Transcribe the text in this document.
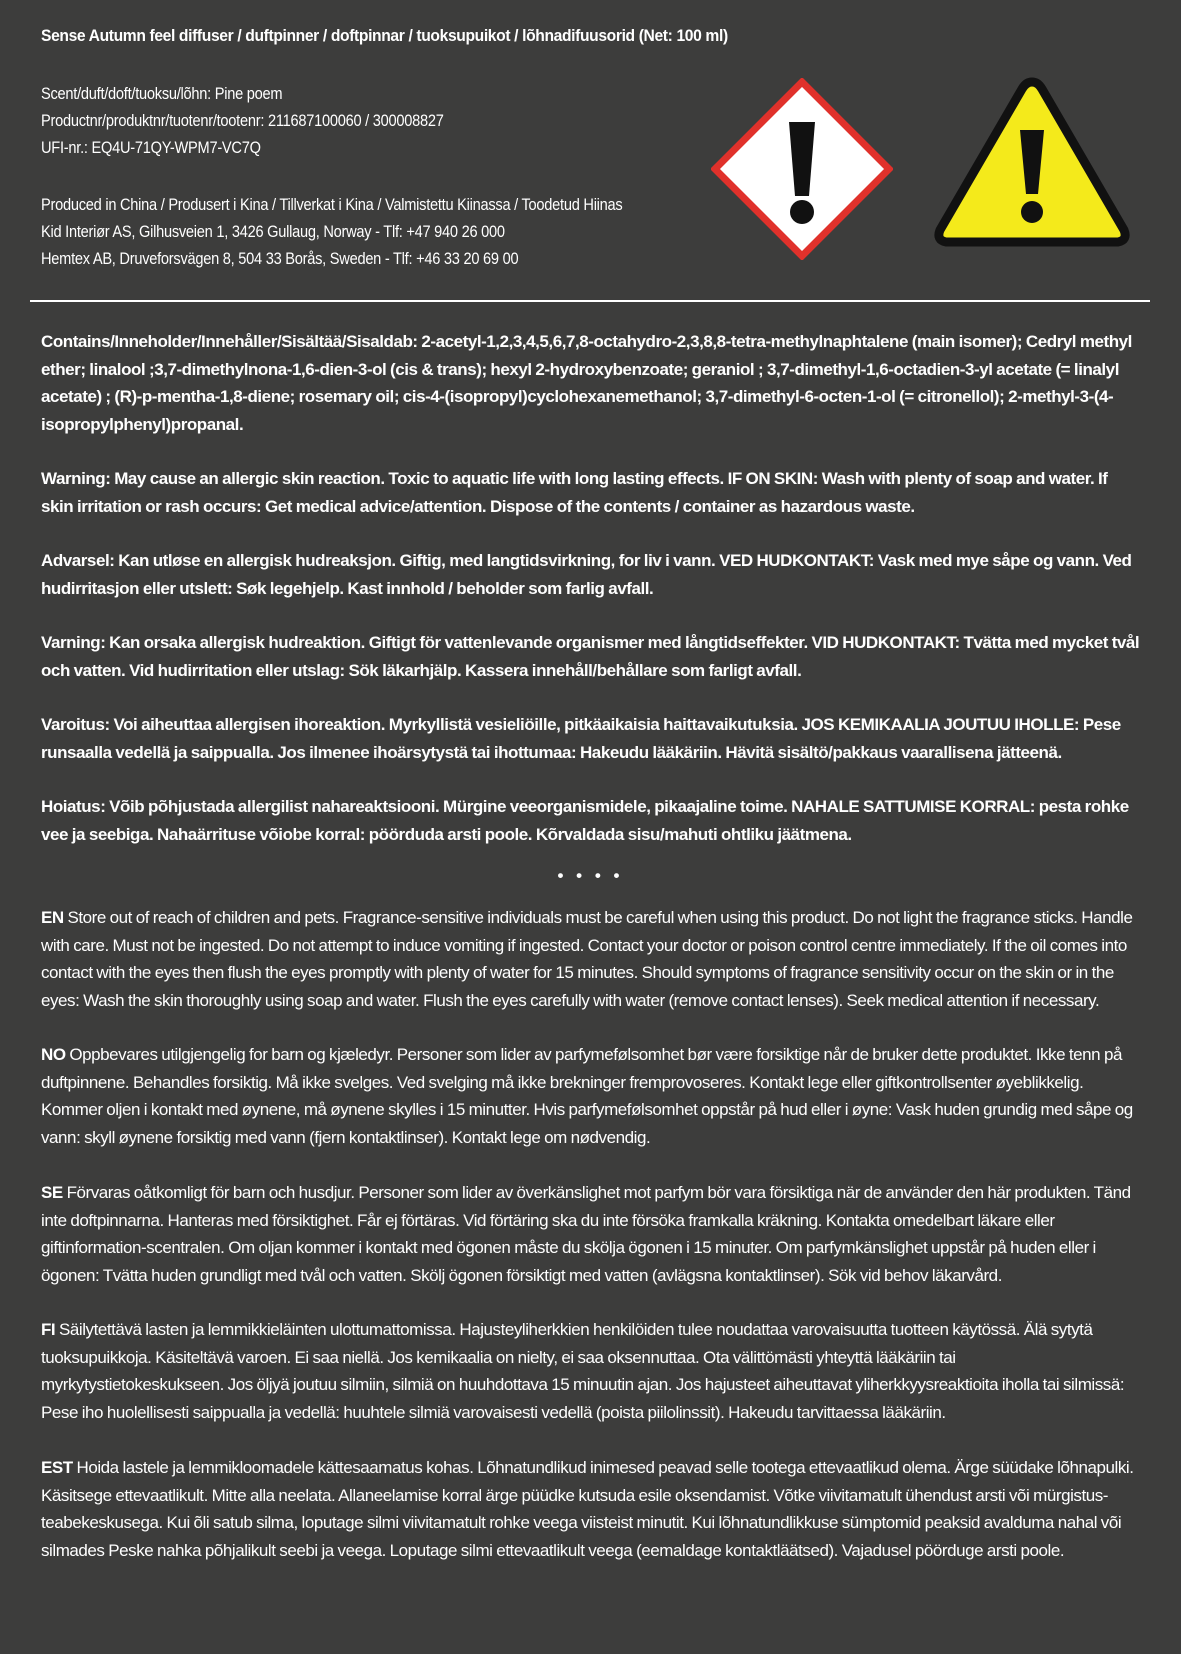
Sense Autumn feel diffuser / duftpinner / doftpinnar / tuoksupuikot / lõhnadifuusorid (Net: 100 ml)
Scent/duft/doft/tuoksu/lõhn: Pine poem
Productnr/produktnr/tuotenr/tootenr: 211687100060 / 300008827
UFI-nr.: EQ4U-71QY-WPM7-VC7Q
Produced in China / Produsert i Kina / Tillverkat i Kina / Valmistettu Kiinassa / Toodetud Hiinas
Kid Interiør AS, Gilhusveien 1, 3426 Gullaug, Norway - Tlf: +47 940 26 000
Hemtex AB, Druveforsvägen 8, 504 33 Borås, Sweden - Tlf: +46 33 20 69 00
Contains/Inneholder/Innehåller/Sisältää/Sisaldab: 2-acetyl-1,2,3,4,5,6,7,8-octahydro-2,3,8,8-tetra-methylnaphtalene (main isomer); Cedryl methyl ether; linalool ;3,7-dimethylnona-1,6-dien-3-ol (cis & trans); hexyl 2-hydroxybenzoate; geraniol ; 3,7-dimethyl-1,6-octadien-3-yl acetate (= linalyl acetate) ; (R)-p-mentha-1,8-diene; rosemary oil; cis-4-(isopropyl)cyclohexanemethanol; 3,7-dimethyl-6-octen-1-ol (= citronellol); 2-methyl-3-(4-isopropylphenyl)propanal.
Warning: May cause an allergic skin reaction. Toxic to aquatic life with long lasting effects. IF ON SKIN: Wash with plenty of soap and water. If skin irritation or rash occurs: Get medical advice/attention. Dispose of the contents / container as hazardous waste.
Advarsel: Kan utløse en allergisk hudreaksjon. Giftig, med langtidsvirkning, for liv i vann. VED HUDKONTAKT: Vask med mye såpe og vann. Ved hudirritasjon eller utslett: Søk legehjelp. Kast innhold / beholder som farlig avfall.
Varning: Kan orsaka allergisk hudreaktion. Giftigt för vattenlevande organismer med långtidseffekter. VID HUDKONTAKT: Tvätta med mycket tvål och vatten. Vid hudirritation eller utslag: Sök läkarhjälp. Kassera innehåll/behållare som farligt avfall.
Varoitus: Voi aiheuttaa allergisen ihoreaktion. Myrkyllistä vesieliöille, pitkäaikaisia haittavaikutuksia. JOS KEMIKAALIA JOUTUU IHOLLE: Pese runsaalla vedellä ja saippualla. Jos ilmenee ihoärsytystä tai ihottumaa: Hakeudu lääkäriin. Hävitä sisältö/pakkaus vaarallisena jätteenä.
Hoiatus: Võib põhjustada allergilist nahareaktsiooni. Mürgine veeorganismidele, pikaajaline toime. NAHALE SATTUMISE KORRAL: pesta rohke vee ja seebiga. Nahaärrituse võiobe korral: pöörduda arsti poole. Kõrvaldada sisu/mahuti ohtliku jäätmena.
• • • •
EN Store out of reach of children and pets. Fragrance-sensitive individuals must be careful when using this product. Do not light the fragrance sticks. Handle with care. Must not be ingested. Do not attempt to induce vomiting if ingested. Contact your doctor or poison control centre immediately. If the oil comes into contact with the eyes then flush the eyes promptly with plenty of water for 15 minutes. Should symptoms of fragrance sensitivity occur on the skin or in the eyes: Wash the skin thoroughly using soap and water. Flush the eyes carefully with water (remove contact lenses). Seek medical attention if necessary.
NO Oppbevares utilgjengelig for barn og kjæledyr. Personer som lider av parfymefølsomhet bør være forsiktige når de bruker dette produktet. Ikke tenn på duftpinnene. Behandles forsiktig. Må ikke svelges. Ved svelging må ikke brekninger fremprovoseres. Kontakt lege eller giftkontrollsenter øyeblikkelig. Kommer oljen i kontakt med øynene, må øynene skylles i 15 minutter. Hvis parfymefølsomhet oppstår på hud eller i øyne: Vask huden grundig med såpe og vann: skyll øynene forsiktig med vann (fjern kontaktlinser). Kontakt lege om nødvendig.
SE Förvaras oåtkomligt för barn och husdjur. Personer som lider av överkänslighet mot parfym bör vara försiktiga när de använder den här produkten. Tänd inte doftpinnarna. Hanteras med försiktighet. Får ej förtäras. Vid förtäring ska du inte försöka framkalla kräkning. Kontakta omedelbart läkare eller giftinformation-scentralen. Om oljan kommer i kontakt med ögonen måste du skölja ögonen i 15 minuter. Om parfymkänslighet uppstår på huden eller i ögonen: Tvätta huden grundligt med tvål och vatten. Skölj ögonen försiktigt med vatten (avlägsna kontaktlinser). Sök vid behov läkarvård.
FI Säilytettävä lasten ja lemmikkieläinten ulottumattomissa. Hajusteyliherkkien henkilöiden tulee noudattaa varovaisuutta tuotteen käytössä. Älä sytytä tuoksupuikkoja. Käsiteltävä varoen. Ei saa niellä. Jos kemikaalia on nielty, ei saa oksennuttaa. Ota välittömästi yhteyttä lääkäriin tai myrkytystietokeskukseen. Jos öljyä joutuu silmiin, silmiä on huuhdottava 15 minuutin ajan. Jos hajusteet aiheuttavat yliherkkyysreaktioita iholla tai silmissä: Pese iho huolellisesti saippualla ja vedellä: huuhtele silmiä varovaisesti vedellä (poista piilolinssit). Hakeudu tarvittaessa lääkäriin.
EST Hoida lastele ja lemmikloomadele kättesaamatus kohas. Lõhnatundlikud inimesed peavad selle tootega ettevaatlikud olema. Ärge süüdake lõhnapulki. Käsitsege ettevaatlikult. Mitte alla neelata. Allaneelamise korral ärge püüdke kutsuda esile oksendamist. Võtke viivitamatult ühendust arsti või mürgistus-teabekeskusega. Kui õli satub silma, loputage silmi viivitamatult rohke veega viisteist minutit. Kui lõhnatundlikkuse sümptomid peaksid avalduma nahal või silmades Peske nahka põhjalikult seebi ja veega. Loputage silmi ettevaatlikult veega (eemaldage kontaktläätsed). Vajadusel pöörduge arsti poole.
